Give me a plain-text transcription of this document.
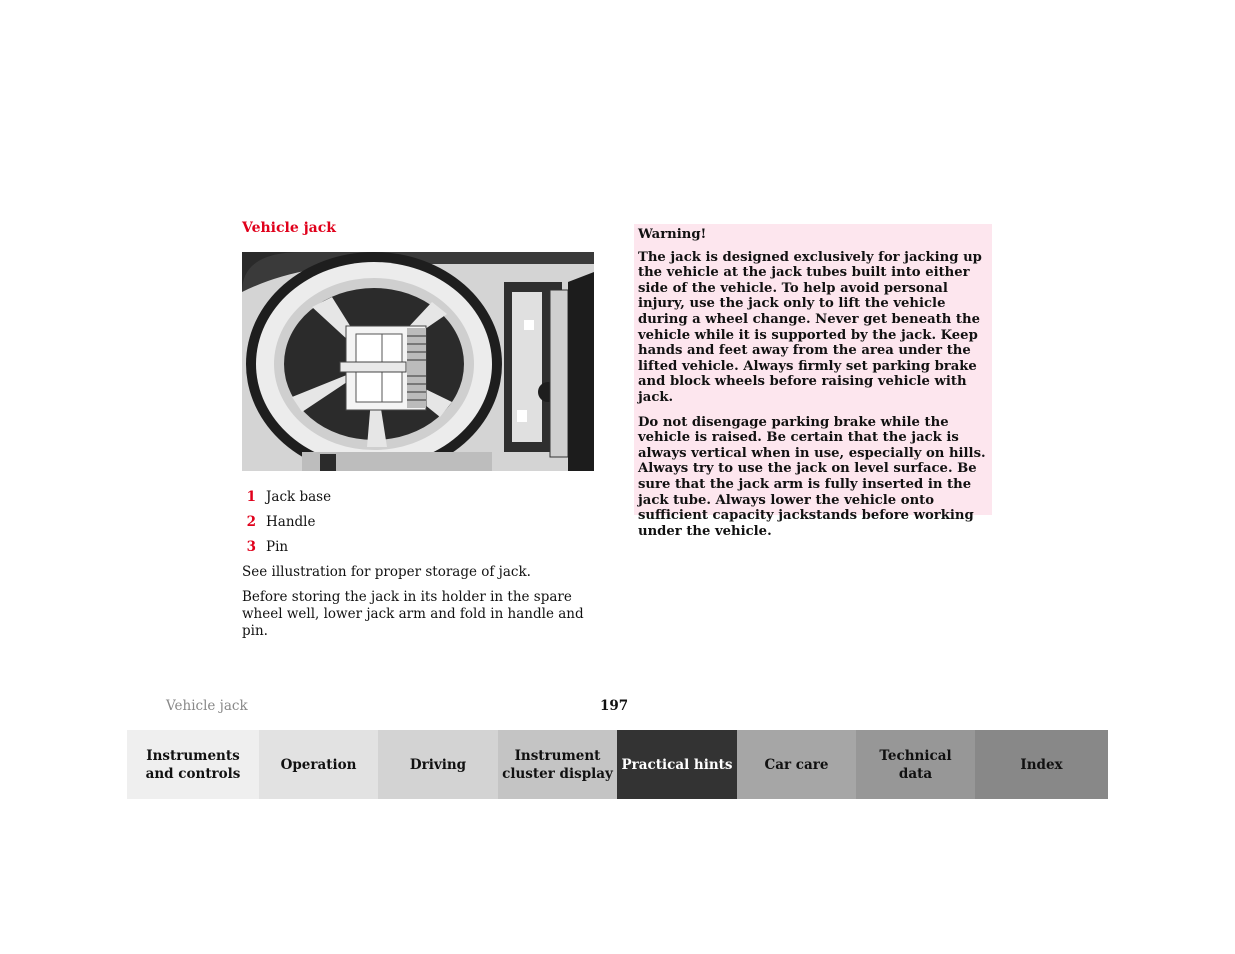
Vehicle jack
1 Jack base
2 Handle
3 Pin

See illustration for proper storage of jack.

Before storing the jack in its holder in the spare wheel well, lower jack arm and fold in handle and pin.

Warning!

The jack is designed exclusively for jacking up the vehicle at the jack tubes built into either side of the vehicle. To help avoid personal injury, use the jack only to lift the vehicle during a wheel change. Never get beneath the vehicle while it is supported by the jack. Keep hands and feet away from the area under the lifted vehicle. Always firmly set parking brake and block wheels before raising vehicle with jack.

Do not disengage parking brake while the vehicle is raised. Be certain that the jack is always vertical when in use, especially on hills. Always try to use the jack on level surface. Be sure that the jack arm is fully inserted in the jack tube. Always lower the vehicle onto sufficient capacity jackstands before working under the vehicle.

Vehicle jack	197
Instruments
and controls
Operation	Driving
Instrument
cluster display
Practical hints Car care
Technical
data
Index
